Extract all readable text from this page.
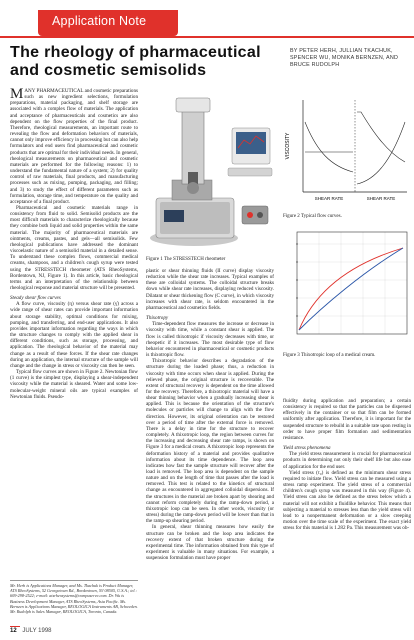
Application Note
The rheology of pharmaceutical and cosmetic semisolids
BY PETER HERH, JULLIAN TKACHUK, SPENCER WU, MONIKA BERNZEN, AND BRUCE RUDOLPH

MANY PHARMACEUTICAL and cosmetic preparations such as new ingredient selections, formulation preparations, material packaging, and shelf storage are associated with a complex flow of materials. The application and acceptance of pharmaceuticals and cosmetics are also dependent on the flow properties of the final product. Therefore, rheological measurements, an important route to revealing the flow and deformation behaviors of materials, cannot only improve efficiency in processing but can also help formulators and end users find pharmaceutical and cosmetic products that are optimal for their individual needs. In general, rheological measurements on pharmaceutical and cosmetic materials are performed for the following reasons: 1) to understand the fundamental nature of a system; 2) for quality control of raw materials, final products, and manufacturing processes such as mixing, pumping, packaging, and filling; and 3) to study the effect of different parameters such as formulation, storage time, and temperature on the quality and acceptance of a final product.

Pharmaceutical and cosmetic materials range in consistency from fluid to solid. Semisolid products are the most difficult materials to characterize rheologically because they combine both liquid and solid properties within the same material. The majority of pharmaceutical materials are ointments, creams, pastes, and gels—all semisolids. Few rheological publications have addressed the dominant viscoelastic nature of a semisolid material in a detailed sense. To understand these complex flows, commercial medical creams, shampoos, and a children's cough syrup were tested using the STRESSTECH rheometer (ATS RheoSystems, Bordentown, NJ, Figure 1). In this article, basic rheological terms and an interpretation of the relationship between rheological response and material structure will be presented.

Steady shear flow curves

A flow curve, viscosity (η) versus shear rate (γ̇) across a wide range of shear rates can provide important information about storage stability, optimal conditions for mixing, pumping, and transferring, and end-user applications. It also provides important information regarding the ways in which the structure changes to comply with the applied shear in different conditions, such as storage, processing, and application. The rheological behavior of the material may change as a result of these forces. If the shear rate changes during an application, the internal structure of the sample will change and the change in stress or viscosity can then be seen.

Typical flow curves are shown in Figure 2. Newtonian flow (1 curve) is the simplest type, displaying a shear-independent viscosity while the material is sheared. Water and some low-molecular-weight mineral oils are typical examples of Newtonian fluids. Pseudo-

Mr. Herh is Applications Manager, and Ms. Tkachuk is Product Manager, ATS RheoSystems, 52 Georgetown Rd., Bordentown, NJ 08505, U.S.A.; tel.: 609-298-2522; e-mail: atsrheosystems@compuserve.com. Dr. Wu is Business Development Manager, ATS RheoSystems, Asia Pacific. Ms. Bernzen is Applications Manager, REOLOGICA Instruments AB, Schweden. Mr. Rudolph is Sales Manager, REOLOGICA, Toronto, Canada.
Figure 1 The STRESSTECH rheometer

plastic or shear thinning fluids (II curve) display viscosity reduction while the shear rate increases. Typical examples of these are colloidal systems. The colloidal structure breaks down while shear rate increases, displaying reduced viscosity. Dilatant or shear thickening flow (C curve), in which viscosity increases with shear rate, is seldom encountered in the pharmaceutical and cosmetics fields.

Thixotropy

Time-dependent flow measures the increase or decrease in viscosity with time, while a constant shear is applied. The flow is called thixotropic if viscosity decreases with time, or rheopetic if it increases. The most desirable type of flow behavior encountered in pharmaceutical or cosmetic products is thixotropic flow.

Thixotropic behavior describes a degradation of the structure during the loaded phase; thus, a reduction in viscosity with time occurs when shear is applied. During the relieved phase, the original structure is recoverable. The extent of structural recovery is dependent on the time allowed for the recovery. Therefore, a thixotropic material will have a shear thinning behavior when a gradually increasing shear is applied. This is because the orientation of the structure's molecules or particles will change to align with the flow direction. However, its original orientation can be restored over a period of time after the external force is removed. There is a delay in time for the structure to recover completely. A thixotropic loop, the region between curves for the increasing and decreasing shear rate ramps, is shown on Figure 3 for a medical cream. A thixotropic loop represents the deformation history of a material and provides qualitative information about its time dependence. The loop area indicates how fast the sample structure will recover after the load is removed. The loop area is dependent on the sample nature and on the length of time that passes after the load is removed. This test is related to the kinetics of structural change as encountered in aggregated colloidal dispersions. If the structures in the material are broken apart by shearing and cannot reform completely during the ramp-down period, a thixotropic loop can be seen. In other words, viscosity (or stress) during the ramp-down period will be lower than that in the ramp-up shearing period.

In general, shear thinning measures how easily the structure can be broken and the loop area indicates the recovery extent of that broken structure during the experimental time. The information obtained from this type of experiment is valuable in many situations. For example, a suspension formulation must have proper

VISCOSITY
SHEAR RATE	SHEAR RATE
Figure 2 Typical flow curves.
Figure 3 Thixotropic loop of a medical cream.

fluidity during application and preparation; a certain consistency is required so that the particles can be dispersed effectively in the container or so that film can be formed uniformly after application. Therefore, it is important for the suspended structure to rebuild in a suitable rate upon resting in order to have proper film formation and sedimentation resistance.

Yield stress phenomena

The yield stress measurement is crucial for pharmaceutical products in determining not only their shelf life but also ease of application for the end user.

Yield stress (τ₀) is defined as the minimum shear stress required to initiate flow. Yield stress can be measured using a stress ramp experiment. The yield stress of a commercial children's cough syrup was measured in this way (Figure 4). Yield stress can also be defined as the stress below which a material will not exhibit a fluidlike behavior. This means that subjecting a material to stresses less than the yield stress will lead to a nonpermanent deformation or a slow creeping motion over the time scale of the experiment. The exact yield stress for this material is 1.282 Pa. This measurement was ob-

12 JULY 1998
